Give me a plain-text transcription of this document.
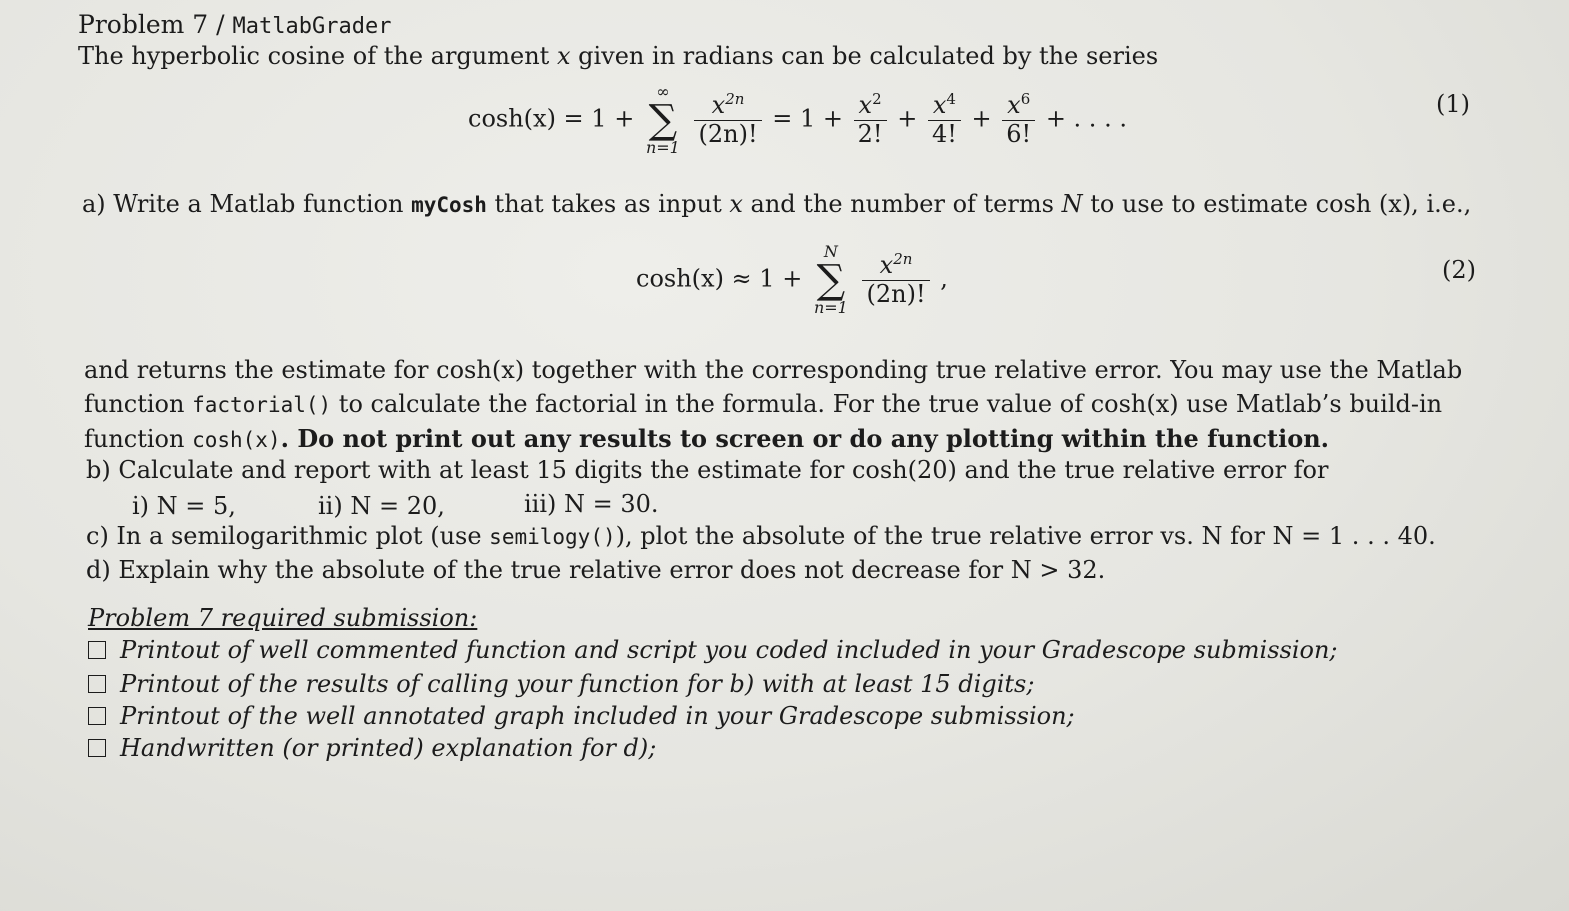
Problem 7 / MatlabGrader
The hyperbolic cosine of the argument x given in radians can be calculated by the series
cosh(x) = 1 +
∞
∑
n=1
$\frac{x^{2n}}{(2n)!} = 1 + \frac{x^2}{2!} + \frac{x^4}{4!} + \frac{x^6}{6!}$ + . . . .
(1)
a) Write a Matlab function myCosh that takes as input x and the number of terms N to use to estimate cosh (x), i.e.,
cosh(x) ≈ 1 +
N
∑
n=1
$\frac{x^{2n}}{(2n)!}$ ,	(2)
and returns the estimate for cosh(x) together with the corresponding true relative error. You may use the Matlab
function factorial() to calculate the factorial in the formula. For the true value of cosh(x) use Matlab’s build-in
function cosh(x). Do not print out any results to screen or do any plotting within the function.
b) Calculate and report with at least 15 digits the estimate for cosh(20) and the true relative error for
i) N = 5,	ii) N = 20,	iii) N = 30.
c) In a semilogarithmic plot (use semilogy()), plot the absolute of the true relative error vs. N for N = 1 . . . 40.
d) Explain why the absolute of the true relative error does not decrease for N > 32.
Problem 7 required submission:
Printout of well commented function and script you coded included in your Gradescope submission;
Printout of the results of calling your function for b) with at least 15 digits;
Printout of the well annotated graph included in your Gradescope submission;
Handwritten (or printed) explanation for d);
